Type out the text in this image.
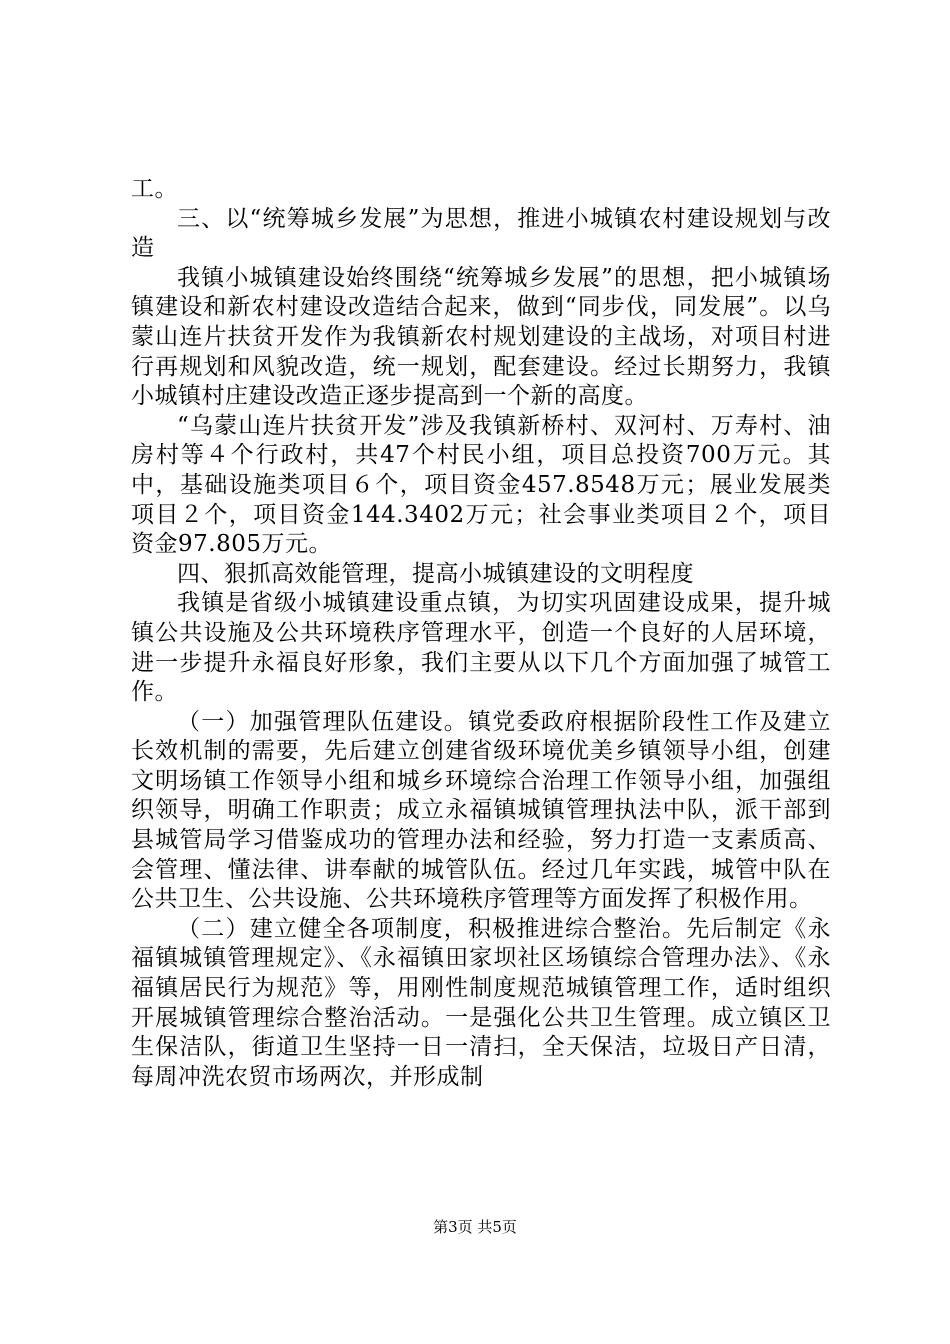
工。

三、以“统筹城乡发展”为思想，推进小城镇农村建设规划与改造

我镇小城镇建设始终围绕“统筹城乡发展”的思想，把小城镇场镇建设和新农村建设改造结合起来，做到“同步伐，同发展”。以乌蒙山连片扶贫开发作为我镇新农村规划建设的主战场，对项目村进行再规划和风貌改造，统一规划，配套建设。经过长期努力，我镇小城镇村庄建设改造正逐步提高到一个新的高度。

“乌蒙山连片扶贫开发”涉及我镇新桥村、双河村、万寿村、油房村等４个行政村，共47个村民小组，项目总投资700万元。其中，基础设施类项目６个，项目资金457.8548万元；展业发展类项目２个，项目资金144.3402万元；社会事业类项目２个，项目资金97.805万元。

四、狠抓高效能管理，提高小城镇建设的文明程度

我镇是省级小城镇建设重点镇，为切实巩固建设成果，提升城镇公共设施及公共环境秩序管理水平，创造一个良好的人居环境，进一步提升永福良好形象，我们主要从以下几个方面加强了城管工作。

（一）加强管理队伍建设。镇党委政府根据阶段性工作及建立长效机制的需要，先后建立创建省级环境优美乡镇领导小组，创建文明场镇工作领导小组和城乡环境综合治理工作领导小组，加强组织领导，明确工作职责；成立永福镇城镇管理执法中队，派干部到县城管局学习借鉴成功的管理办法和经验，努力打造一支素质高、会管理、懂法律、讲奉献的城管队伍。经过几年实践，城管中队在公共卫生、公共设施、公共环境秩序管理等方面发挥了积极作用。

（二）建立健全各项制度，积极推进综合整治。先后制定《永福镇城镇管理规定》、《永福镇田家坝社区场镇综合管理办法》、《永福镇居民行为规范》等，用刚性制度规范城镇管理工作，适时组织开展城镇管理综合整治活动。一是强化公共卫生管理。成立镇区卫生保洁队，街道卫生坚持一日一清扫，全天保洁，垃圾日产日清，每周冲洗农贸市场两次，并形成制

第3页 共5页
